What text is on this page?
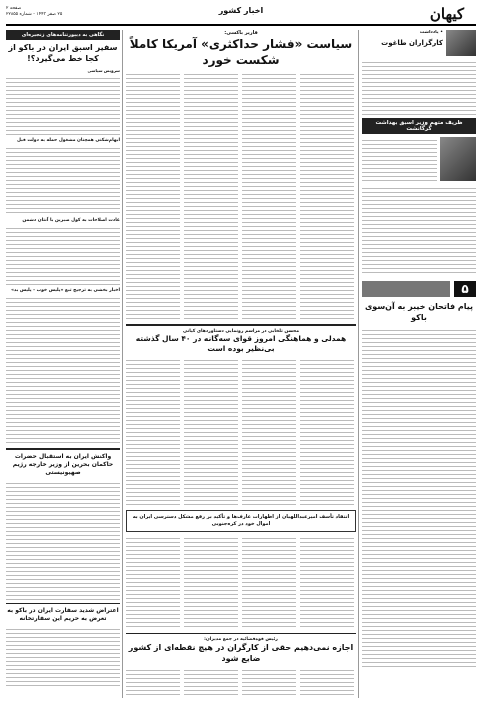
کیهان
اخبار کشور
صفحه ۲
۲۵ صفر ۱۴۴۳ - شماره ۲۲۸۵۵
• یادداشت
کارگزاران طاغوت
ظریف متهم وزیر اسبق بهداشت گرگانشت
۵
پیام فاتحان خیبر به آن‌سوی باکو
قاریر باکسی:
سیاست «فشار حداکثری» آمریکا کاملاً شکست خورد
محسن تلخابی در مراسم رونمایی دستاورد‌های کیانی
همدلی و هماهنگی امروز قوای سه‌گانه در ۴۰ سال گذشته بی‌نظیر بوده است
انتقاد تأسف امیرعبداللهیان از اظهارات عارف‌ها و تأکید بر رفع مشکل دسترسی ایران به اموال خود در کره‌جنوبی
رئیس قوه‌قضائیه در جمع مدیران:
اجازه نمی‌دهیم حقی از کارگران در هیچ نقطه‌ای از کشور ضایع شود
نگاهی به دیپورتنامه‌های زنجیره‌ای
سفیر اسبق ایران در باکو از کجا خط می‌گیرد؟!
سرویس سیاسی
ابهام‌شکنی همچنان مشغول حمله به دولت قبل
عادت اصلاحات به کول صبرین با آنتان دشمن
اخبار بخشی به ترجیح تبع «پلیس خوب - پلیس بد»
واکنش ایران به استقبال حضرات حاکمان بحرین از وزیر خارجه رژیم صهیونیستی
اعتراض شدید سفارت ایران در باکو به تعرض به حریم این سفارتخانه
